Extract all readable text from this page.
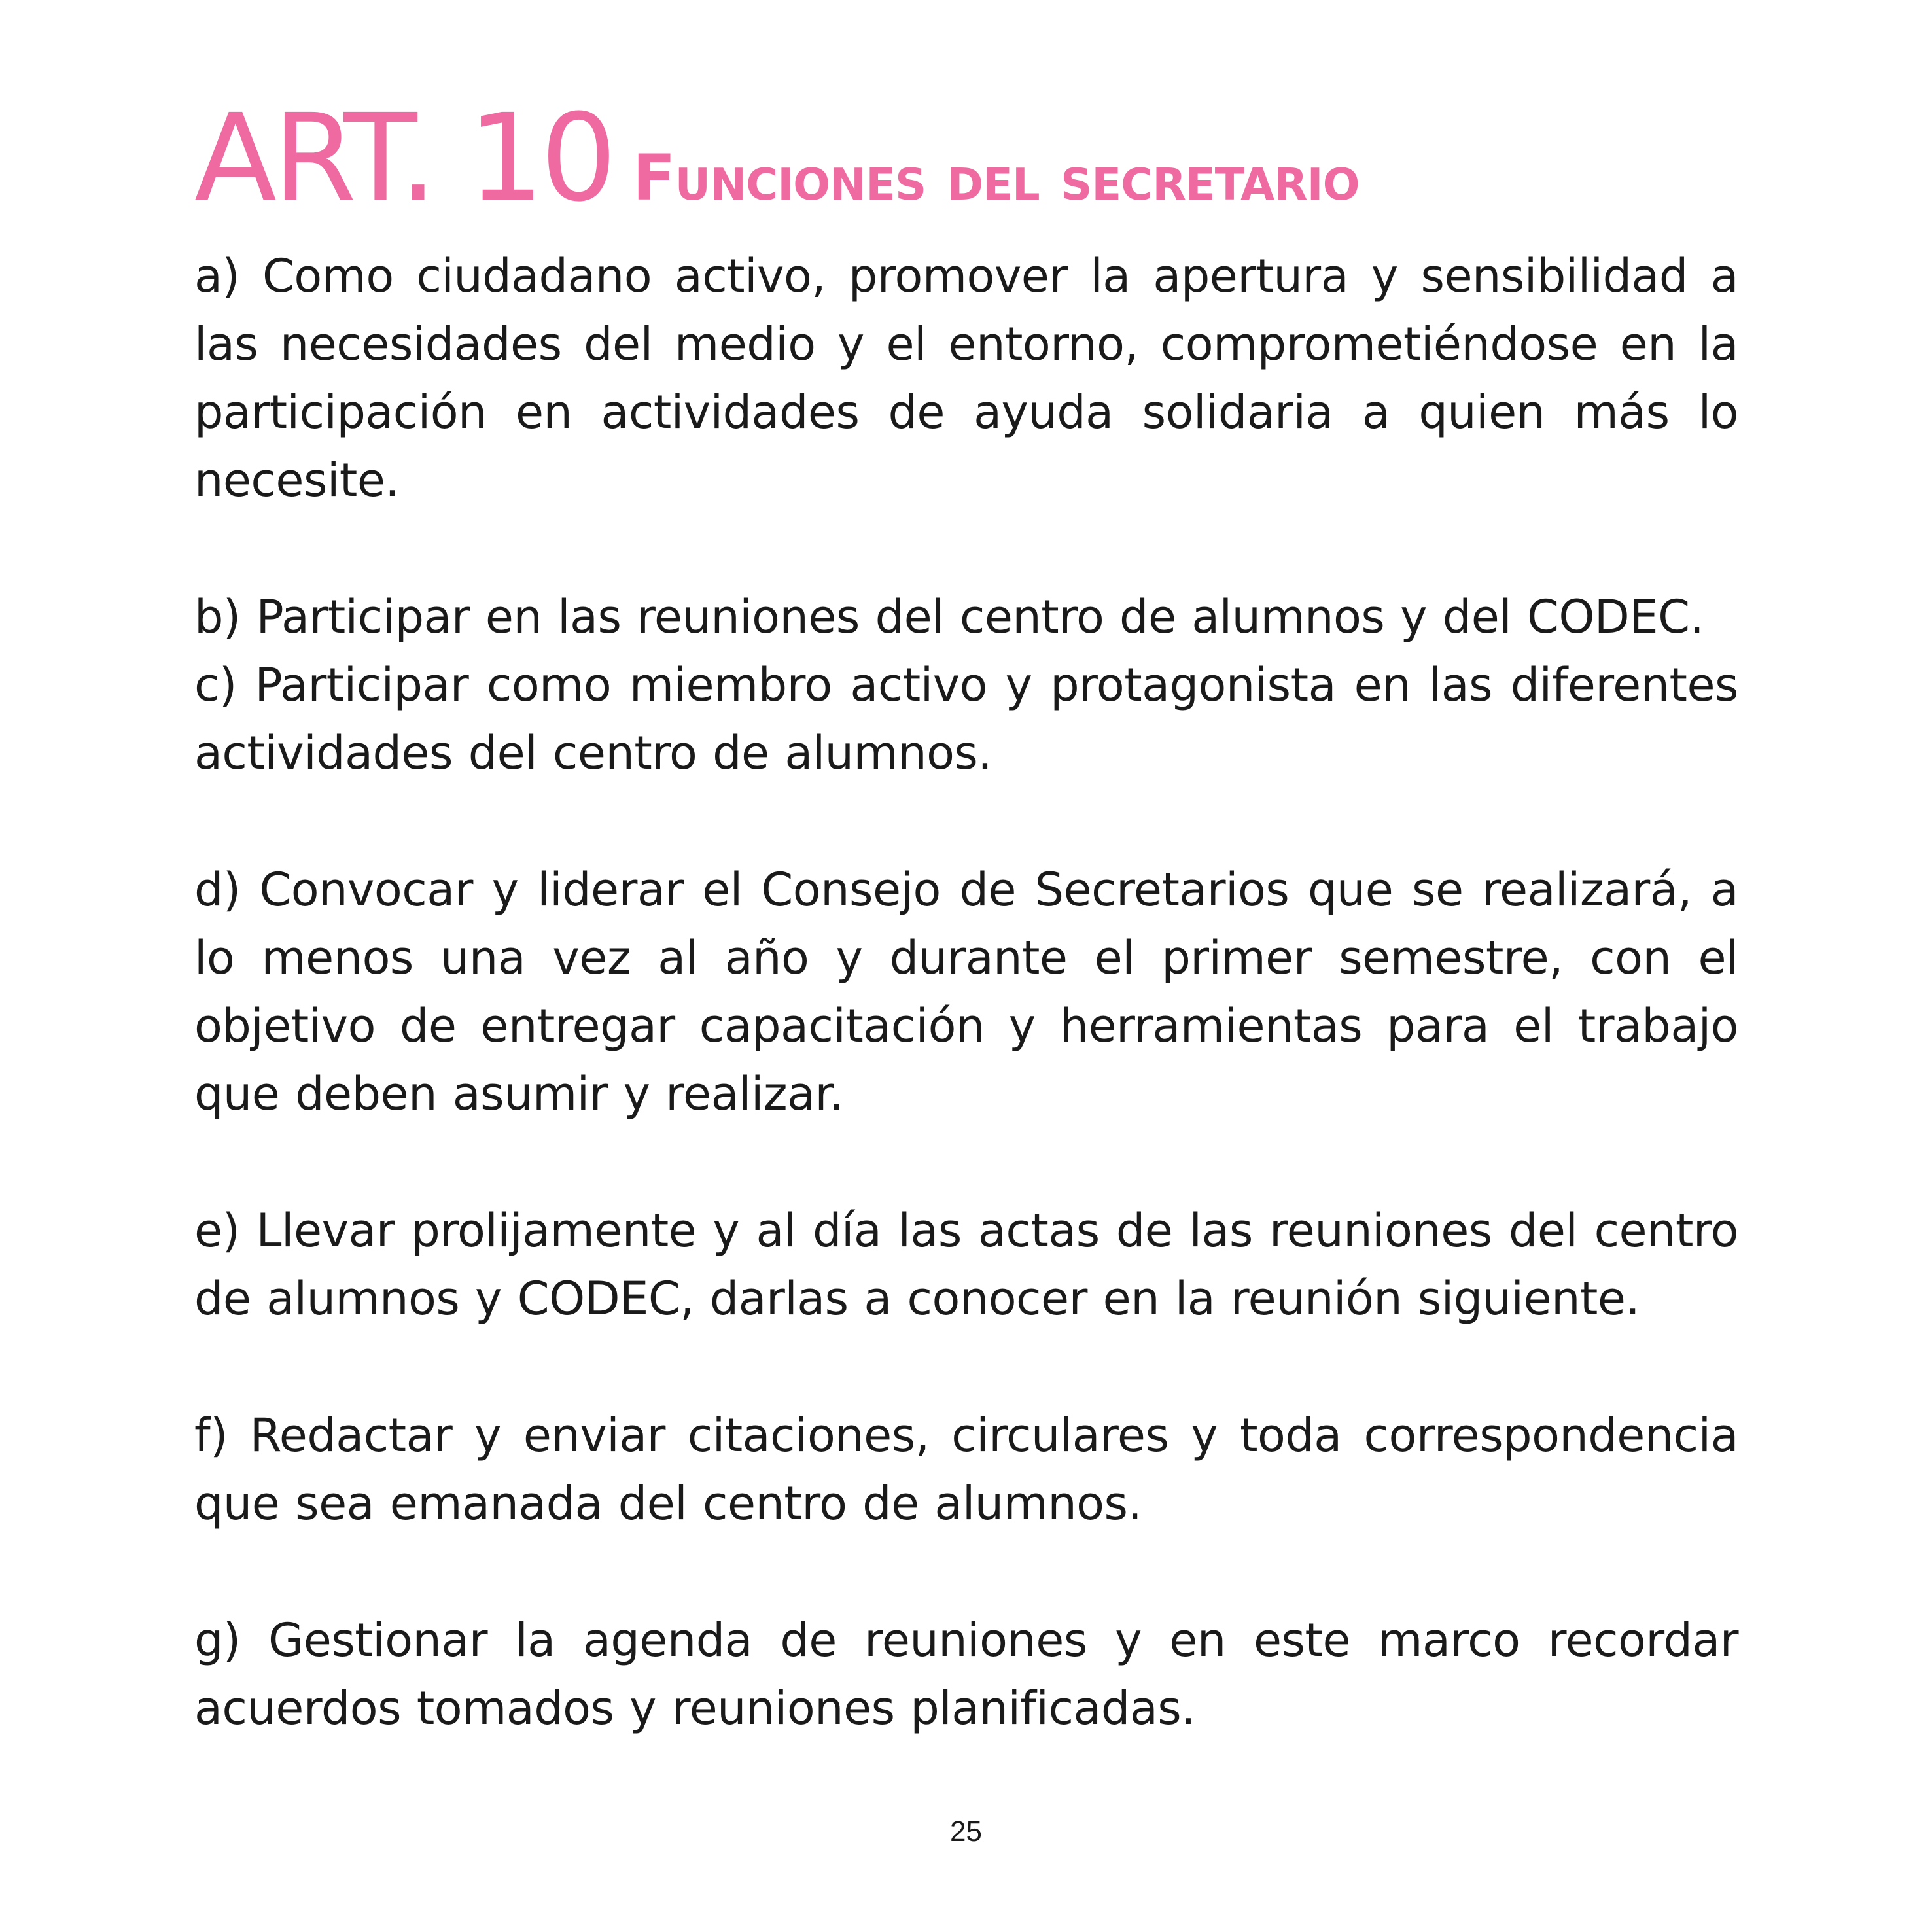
ART. 10 Funciones del secretario

a) Como ciudadano activo, promover la apertura y sensibilidad a las necesidades del medio y el entorno, comprometiéndose en la participación en actividades de ayuda solidaria a quien más lo necesite.

b) Participar en las reuniones del centro de alumnos y del CODEC.

c) Participar como miembro activo y protagonista en las diferentes actividades del centro de alumnos.

d) Convocar y liderar el Consejo de Secretarios que se realizará, a lo menos una vez al año y durante el primer semestre, con el objetivo de entregar capacitación y herramientas para el trabajo que deben asumir y realizar.

e) Llevar prolijamente y al día las actas de las reuniones del centro de alumnos y CODEC, darlas a conocer en la reunión siguiente.

f) Redactar y enviar citaciones, circulares y toda correspondencia que sea emanada del centro de alumnos.

g) Gestionar la agenda de reuniones y en este marco recordar acuerdos tomados y reuniones planificadas.

25
